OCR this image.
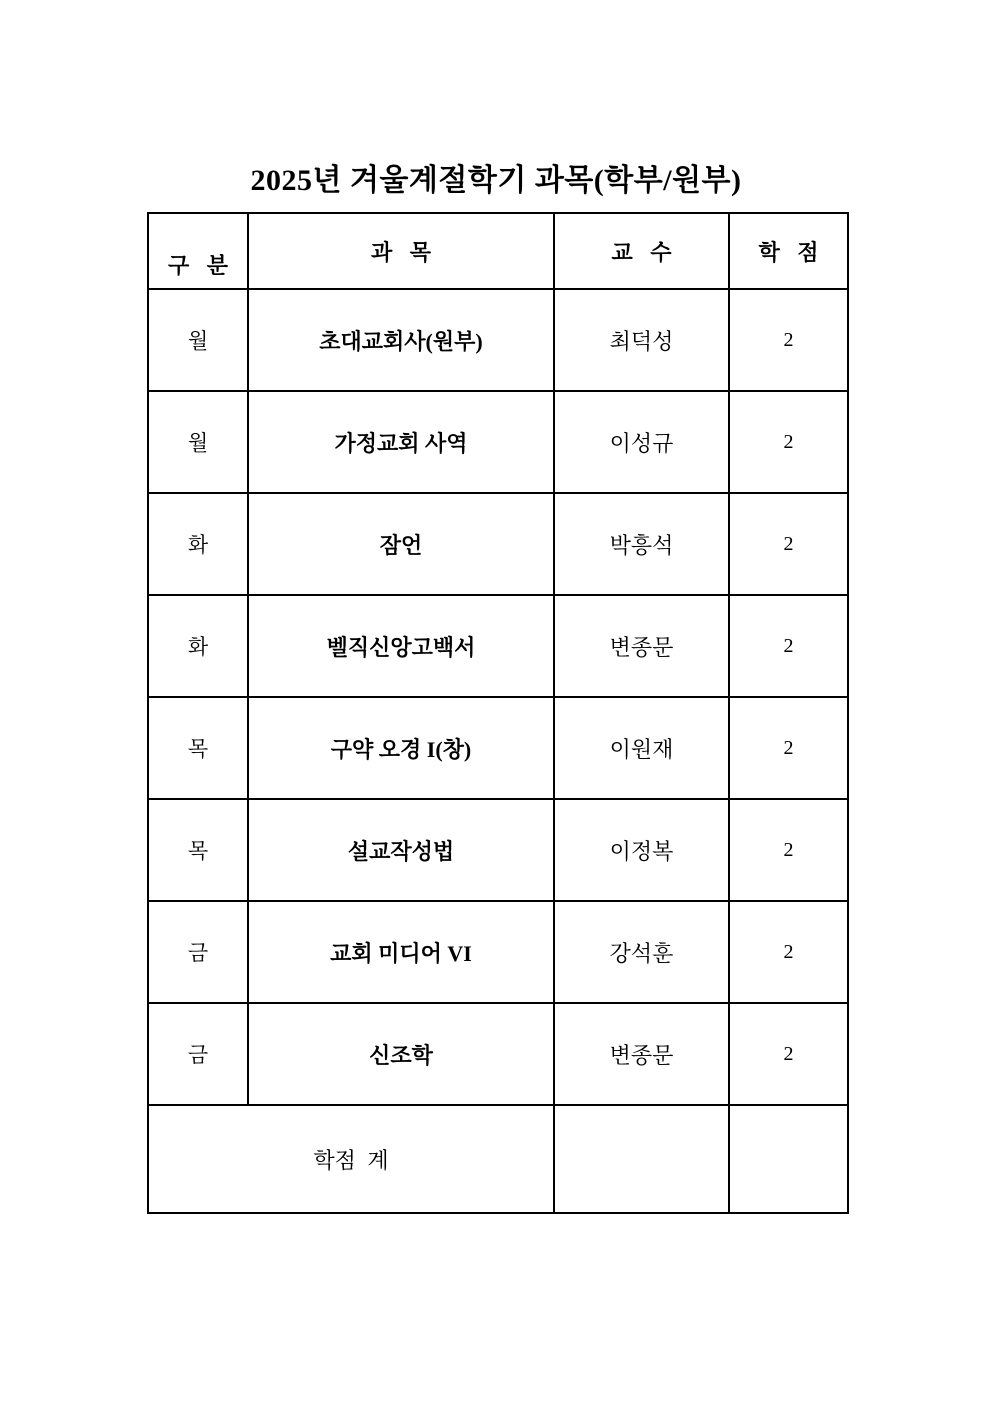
2025년 겨울계절학기 과목(학부/원부)
구 분	과 목	교 수	학 점
월	초대교회사(원부)	최덕성	2
월	가정교회 사역	이성규	2
화	잠언	박흥석	2
화	벨직신앙고백서	변종문	2
목	구약 오경 I(창)	이원재	2
목	설교작성법	이정복	2
금	교회 미디어 VI	강석훈	2
금	신조학	변종문	2
학점 계			
